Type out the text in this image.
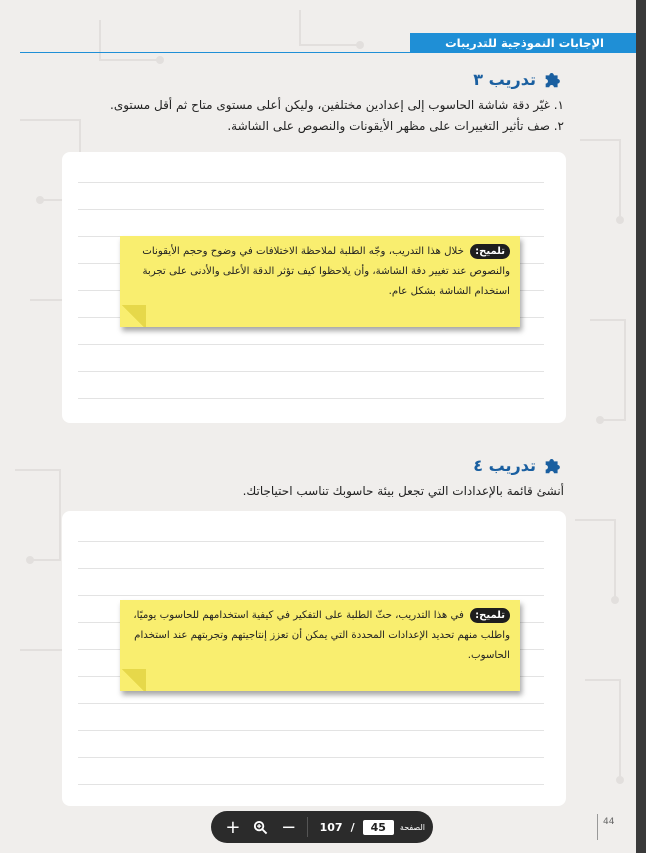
الإجابات النموذجية للتدريبات
تدريب ٣
١. غيّر دقة شاشة الحاسوب إلى إعدادين مختلفين، وليكن أعلى مستوى متاح ثم أقل مستوى.
٢. صف تأثير التغييرات على مظهر الأيقونات والنصوص على الشاشة.
تلميح: خلال هذا التدريب، وجّه الطلبة لملاحظة الاختلافات في وضوح وحجم الأيقونات والنصوص عند تغيير دقة الشاشة، وأن يلاحظوا كيف تؤثر الدقة الأعلى والأدنى على تجربة استخدام الشاشة بشكل عام.
تدريب ٤
أنشئ قائمة بالإعدادات التي تجعل بيئة حاسوبك تناسب احتياجاتك.
تلميح: في هذا التدريب، حثّ الطلبة على التفكير في كيفية استخدامهم للحاسوب يوميًا، واطلب منهم تحديد الإعدادات المحددة التي يمكن أن تعزز إنتاجيتهم وتجربتهم عند استخدام الحاسوب.
44
+	−	107 /	45	الصفحة
